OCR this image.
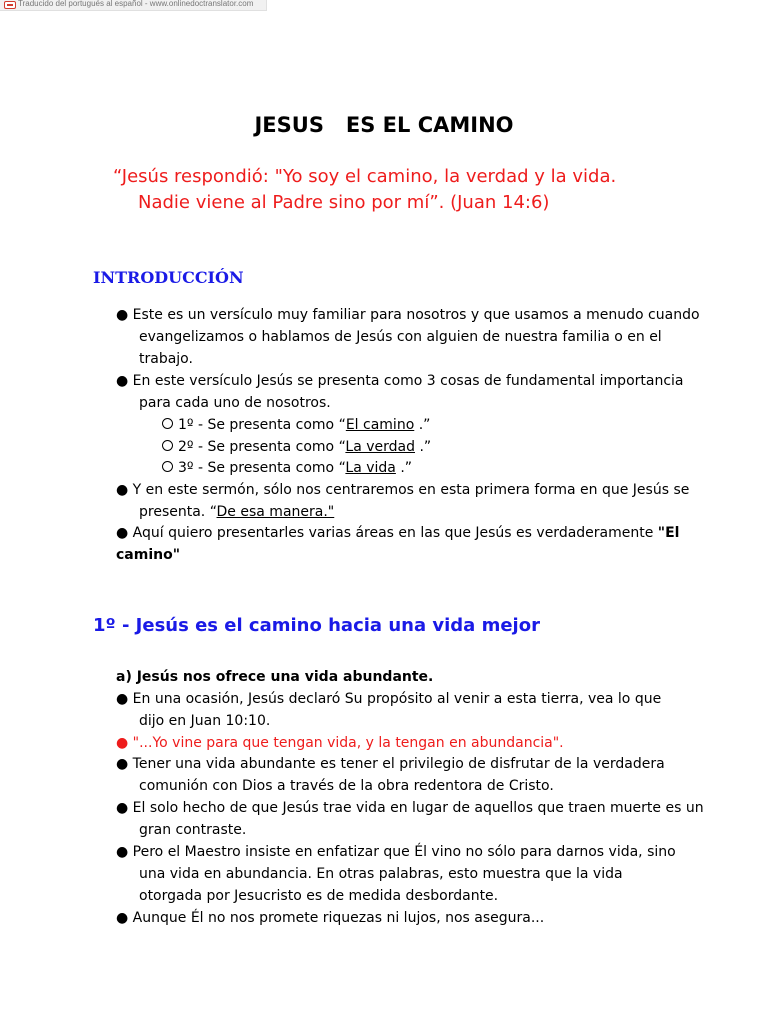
Traducido del portugués al español - www.onlinedoctranslator.com
JESUS   ES EL CAMINO
“Jesús respondió: "Yo soy el camino, la verdad y la vida.
Nadie viene al Padre sino por mí”. (Juan 14:6)
INTRODUCCIÓN
● Este es un versículo muy familiar para nosotros y que usamos a menudo cuando
evangelizamos o hablamos de Jesús con alguien de nuestra familia o en el
trabajo.
● En este versículo Jesús se presenta como 3 cosas de fundamental importancia
para cada uno de nosotros.
1º - Se presenta como “El camino .”
2º - Se presenta como “La verdad .”
3º - Se presenta como “La vida .”
● Y en este sermón, sólo nos centraremos en esta primera forma en que Jesús se
presenta. “De esa manera."
● Aquí quiero presentarles varias áreas en las que Jesús es verdaderamente "El
camino"
1º - Jesús es el camino hacia una vida mejor
a) Jesús nos ofrece una vida abundante.
● En una ocasión, Jesús declaró Su propósito al venir a esta tierra, vea lo que
dijo en Juan 10:10.
● "...Yo vine para que tengan vida, y la tengan en abundancia".
● Tener una vida abundante es tener el privilegio de disfrutar de la verdadera
comunión con Dios a través de la obra redentora de Cristo.
● El solo hecho de que Jesús trae vida en lugar de aquellos que traen muerte es un
gran contraste.
● Pero el Maestro insiste en enfatizar que Él vino no sólo para darnos vida, sino
una vida en abundancia. En otras palabras, esto muestra que la vida
otorgada por Jesucristo es de medida desbordante.
● Aunque Él no nos promete riquezas ni lujos, nos asegura...
